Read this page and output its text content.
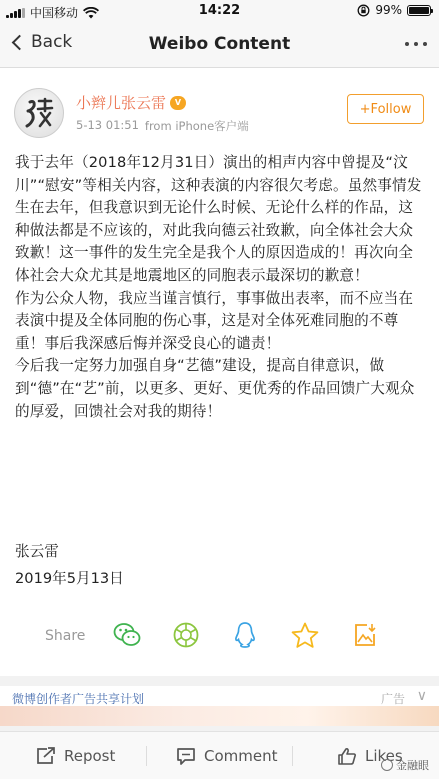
中国移动	14:22	99%
Back	Weibo Content
小辫儿张云雷	V
5-13 01:51 from iPhone客户端
+Follow

我于去年（2018年12月31日）演出的相声内容中曾提及“汶川”“慰安”等相关内容，这种表演的内容很欠考虑。虽然事情发生在去年，但我意识到无论什么时候、无论什么样的作品，这种做法都是不应该的，对此我向德云社致歉，向全体社会大众致歉！这一事件的发生完全是我个人的原因造成的！再次向全体社会大众尤其是地震地区的同胞表示最深切的歉意！

作为公众人物，我应当谨言慎行，事事做出表率，而不应当在表演中提及全体同胞的伤心事，这是对全体死难同胞的不尊重！事后我深感后悔并深受良心的谴责！

今后我一定努力加强自身“艺德”建设，提高自律意识，做到“德”在“艺”前，以更多、更好、更优秀的作品回馈广大观众的厚爱，回馈社会对我的期待！

张云雷
2019年5月13日
Share
微博创作者广告共享计划	广告 ∨
Repost	Comment	Likes
金融眼
